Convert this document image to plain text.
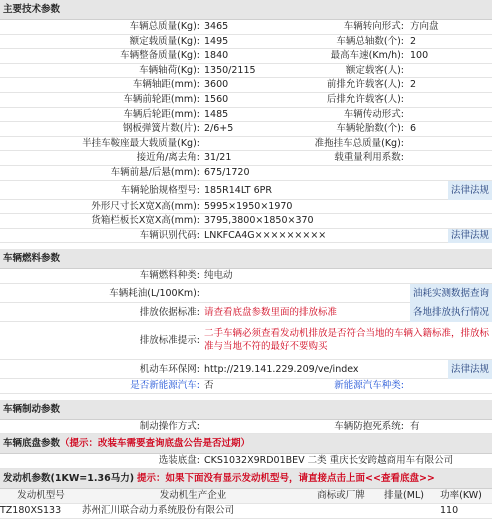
主要技术参数
车辆总质量(Kg): 3465	车辆转向形式: 方向盘
额定载质量(Kg): 1495	车辆总轴数(个): 2
车辆整备质量(Kg): 1840	最高车速(Km/h): 100
车辆轴荷(Kg): 1350/2115	额定载客(人):
车辆轴距(mm): 3600	前排允许载客(人): 2
车辆前轮距(mm): 1560	后排允许载客(人):
车辆后轮距(mm): 1485	车辆传动形式:
钢板弹簧片数(片): 2/6+5	车辆轮胎数(个): 6
半挂车鞍座最大载质量(Kg):	准拖挂车总质量(Kg):
接近角/离去角: 31/21	载重量利用系数:
车辆前悬/后悬(mm): 675/1720
车辆轮胎规格型号: 185R14LT 6PR	法律法规
外形尺寸长X宽X高(mm): 5995×1950×1970
货箱栏板长X宽X高(mm): 3795,3800×1850×370
车辆识别代码: LNKFCA4G×××××××××	法律法规
车辆燃料参数
车辆燃料种类: 纯电动
车辆耗油(L/100Km):	油耗实测数据查询
排放依据标准: 请查看底盘参数里面的排放标准	各地排放执行情况
排放标准提示:
二手车辆必须查看发动机排放是否符合当地的车辆入籍标准，排放标准与当地不符的最好不要购买
机动车环保网: http://219.141.229.209/ve/index	法律法规
是否新能源汽车: 否	新能源汽车种类:
车辆制动参数
制动操作方式:	车辆防抱死系统: 有
车辆底盘参数（提示：改装车需要查询底盘公告是否过期）
选装底盘: CKS1032X9RD01BEV 二类 重庆长安跨越商用车有限公司
发动机参数(1KW=1.36马力) 提示：如果下面没有显示发动机型号，请直接点击上面<<查看底盘>>
发动机型号	发动机生产企业	商标或厂牌	排量(ML)	功率(KW)
TZ180XS133	苏州汇川联合动力系统股份有限公司			110
